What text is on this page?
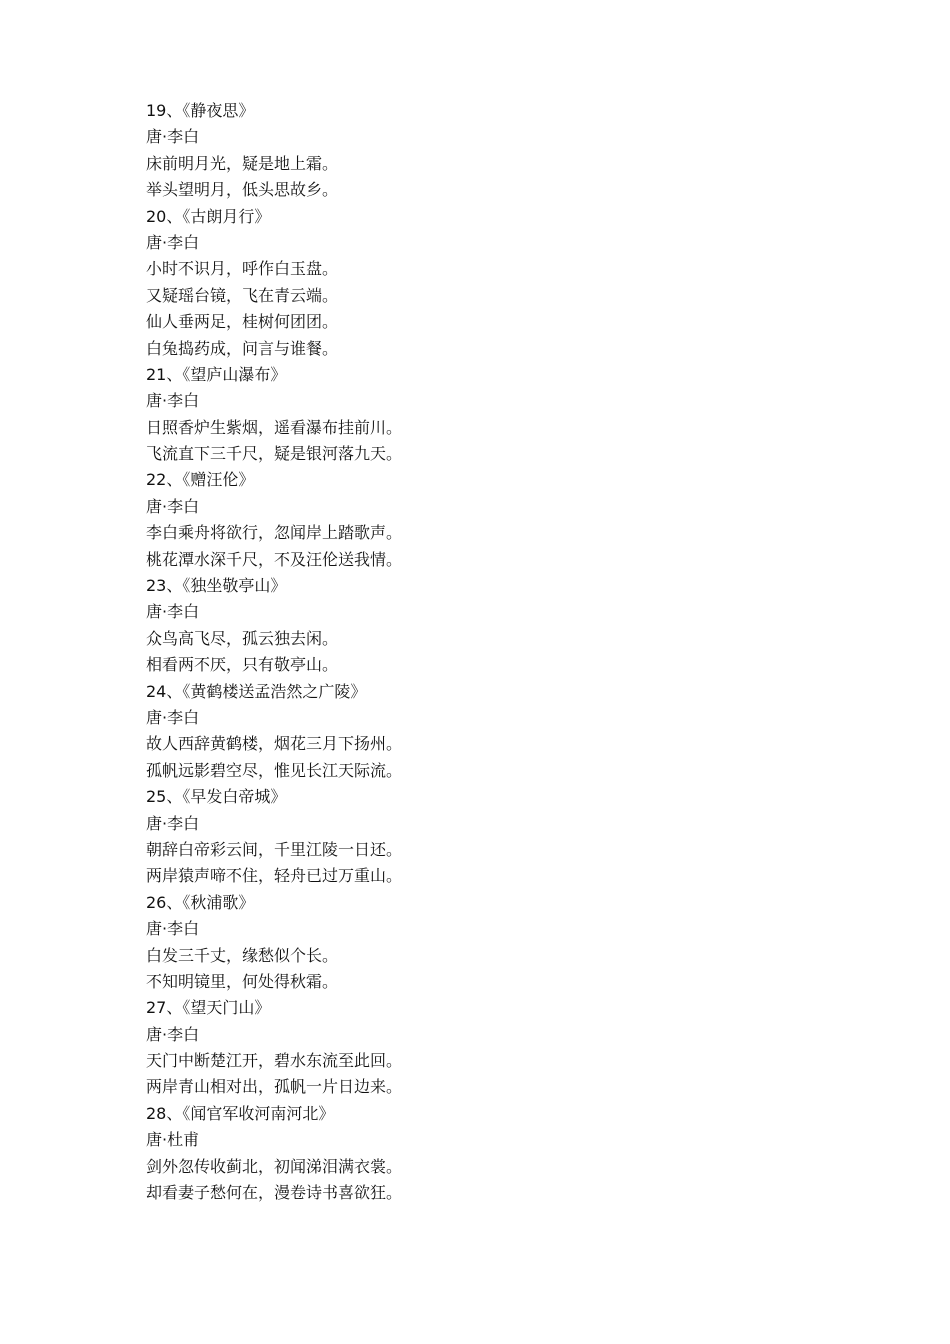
19、《静夜思》
唐·李白
床前明月光，疑是地上霜。
举头望明月，低头思故乡。
20、《古朗月行》
唐·李白
小时不识月，呼作白玉盘。
又疑瑶台镜，飞在青云端。
仙人垂两足，桂树何团团。
白兔捣药成，问言与谁餐。
21、《望庐山瀑布》
唐·李白
日照香炉生紫烟，遥看瀑布挂前川。
飞流直下三千尺，疑是银河落九天。
22、《赠汪伦》
唐·李白
李白乘舟将欲行，忽闻岸上踏歌声。
桃花潭水深千尺，不及汪伦送我情。
23、《独坐敬亭山》
唐·李白
众鸟高飞尽，孤云独去闲。
相看两不厌，只有敬亭山。
24、《黄鹤楼送孟浩然之广陵》
唐·李白
故人西辞黄鹤楼，烟花三月下扬州。
孤帆远影碧空尽，惟见长江天际流。
25、《早发白帝城》
唐·李白
朝辞白帝彩云间，千里江陵一日还。
两岸猿声啼不住，轻舟已过万重山。
26、《秋浦歌》
唐·李白
白发三千丈，缘愁似个长。
不知明镜里，何处得秋霜。
27、《望天门山》
唐·李白
天门中断楚江开，碧水东流至此回。
两岸青山相对出，孤帆一片日边来。
28、《闻官军收河南河北》
唐·杜甫
剑外忽传收蓟北，初闻涕泪满衣裳。
却看妻子愁何在，漫卷诗书喜欲狂。
